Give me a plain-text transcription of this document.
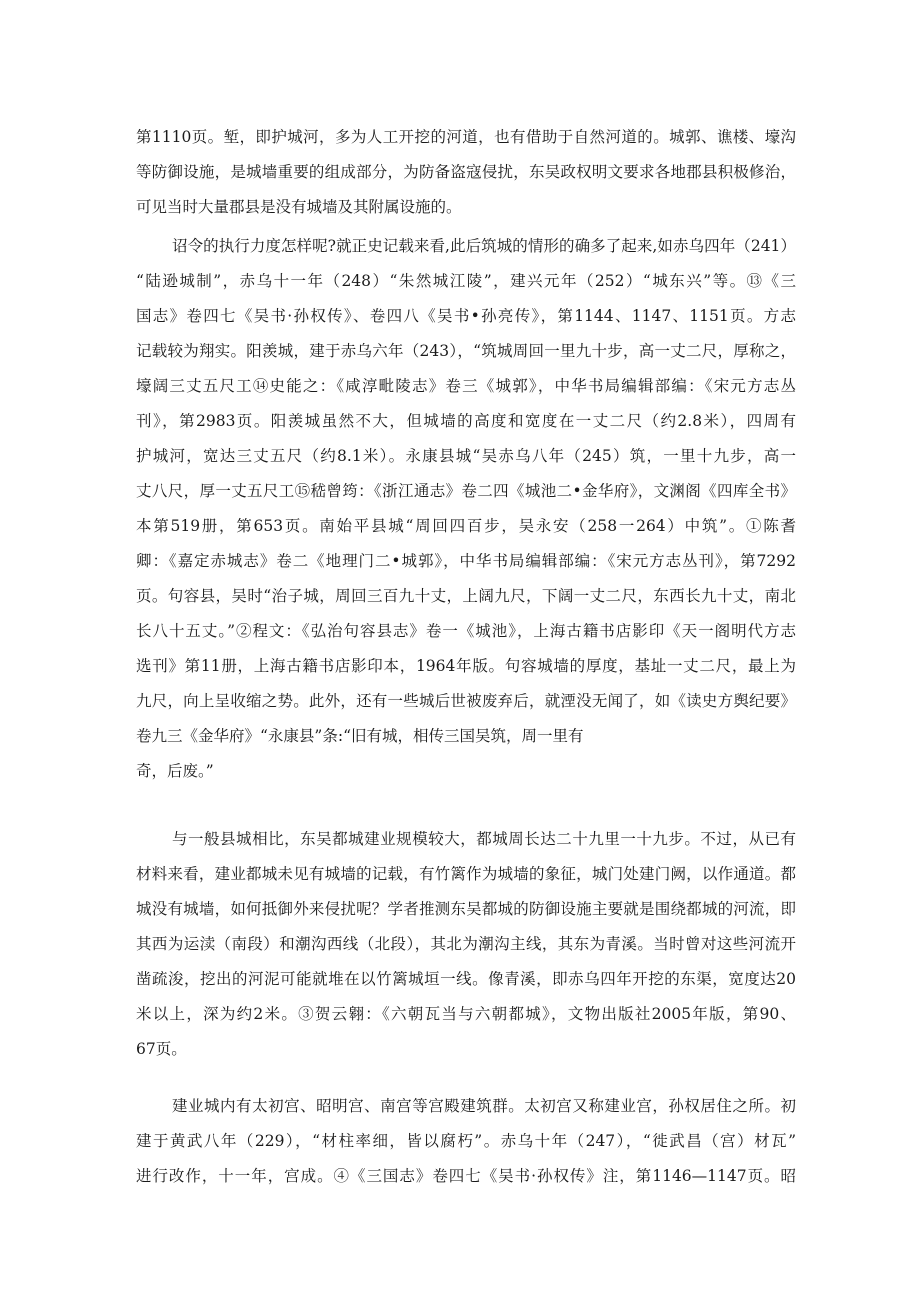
第1110页。堑，即护城河，多为人工开挖的河道，也有借助于自然河道的。城郭、谯楼、壕沟
等防御设施，是城墙重要的组成部分，为防备盗寇侵扰，东吴政权明文要求各地郡县积极修治，
可见当时大量郡县是没有城墙及其附属设施的。
诏令的执行力度怎样呢?就正史记载来看,此后筑城的情形的确多了起来,如赤乌四年（241）
“陆逊城制”，赤乌十一年（248）“朱然城江陵”，建兴元年（252）“城东兴”等。⑬《三
国志》卷四七《吴书·孙权传》、卷四八《吴书•孙亮传》，第1144、1147、1151页。方志
记载较为翔实。阳羡城，建于赤乌六年（243），“筑城周回一里九十步，高一丈二尺，厚称之，
壕阔三丈五尺工⑭史能之：《咸淳毗陵志》卷三《城郭》，中华书局编辑部编：《宋元方志丛
刊》，第2983页。阳羡城虽然不大，但城墙的高度和宽度在一丈二尺（约2.8米），四周有
护城河，宽达三丈五尺（约8.1米）。永康县城“吴赤乌八年（245）筑，一里十九步，高一
丈八尺，厚一丈五尺工⑮嵇曾筠：《浙江通志》卷二四《城池二•金华府》，文渊阁《四库全书》
本第519册，第653页。南始平县城“周回四百步，吴永安（258一264）中筑”。①陈耆
卿：《嘉定赤城志》卷二《地理门二•城郭》，中华书局编辑部编：《宋元方志丛刊》，第7292
页。句容县，吴时“治子城，周回三百九十丈，上阔九尺，下阔一丈二尺，东西长九十丈，南北
长八十五丈。”②程文：《弘治句容县志》卷一《城池》，上海古籍书店影印《天一阁明代方志
选刊》第11册，上海古籍书店影印本，1964年版。句容城墙的厚度，基址一丈二尺，最上为
九尺，向上呈收缩之势。此外，还有一些城后世被废弃后，就湮没无闻了，如《读史方舆纪要》
卷九三《金华府》“永康县”条:“旧有城，相传三国吴筑，周一里有
奇，后废。”
与一般县城相比，东吴都城建业规模较大，都城周长达二十九里一十九步。不过，从已有
材料来看，建业都城未见有城墙的记载，有竹篱作为城墙的象征，城门处建门阙，以作通道。都
城没有城墙，如何抵御外来侵扰呢？学者推测东吴都城的防御设施主要就是围绕都城的河流，即
其西为运渎（南段）和潮沟西线（北段），其北为潮沟主线，其东为青溪。当时曾对这些河流开
凿疏浚，挖出的河泥可能就堆在以竹篱城垣一线。像青溪，即赤乌四年开挖的东渠，宽度达20
米以上，深为约2米。③贺云翱：《六朝瓦当与六朝都城》，文物出版社2005年版，第90、
67页。
建业城内有太初宫、昭明宫、南宫等宫殿建筑群。太初宫又称建业宫，孙权居住之所。初
建于黄武八年（229），“材柱率细，皆以腐朽”。赤乌十年（247），“徙武昌（宫）材瓦”
进行改作，十一年，宫成。④《三国志》卷四七《吴书·孙权传》注，第1146—1147页。昭
